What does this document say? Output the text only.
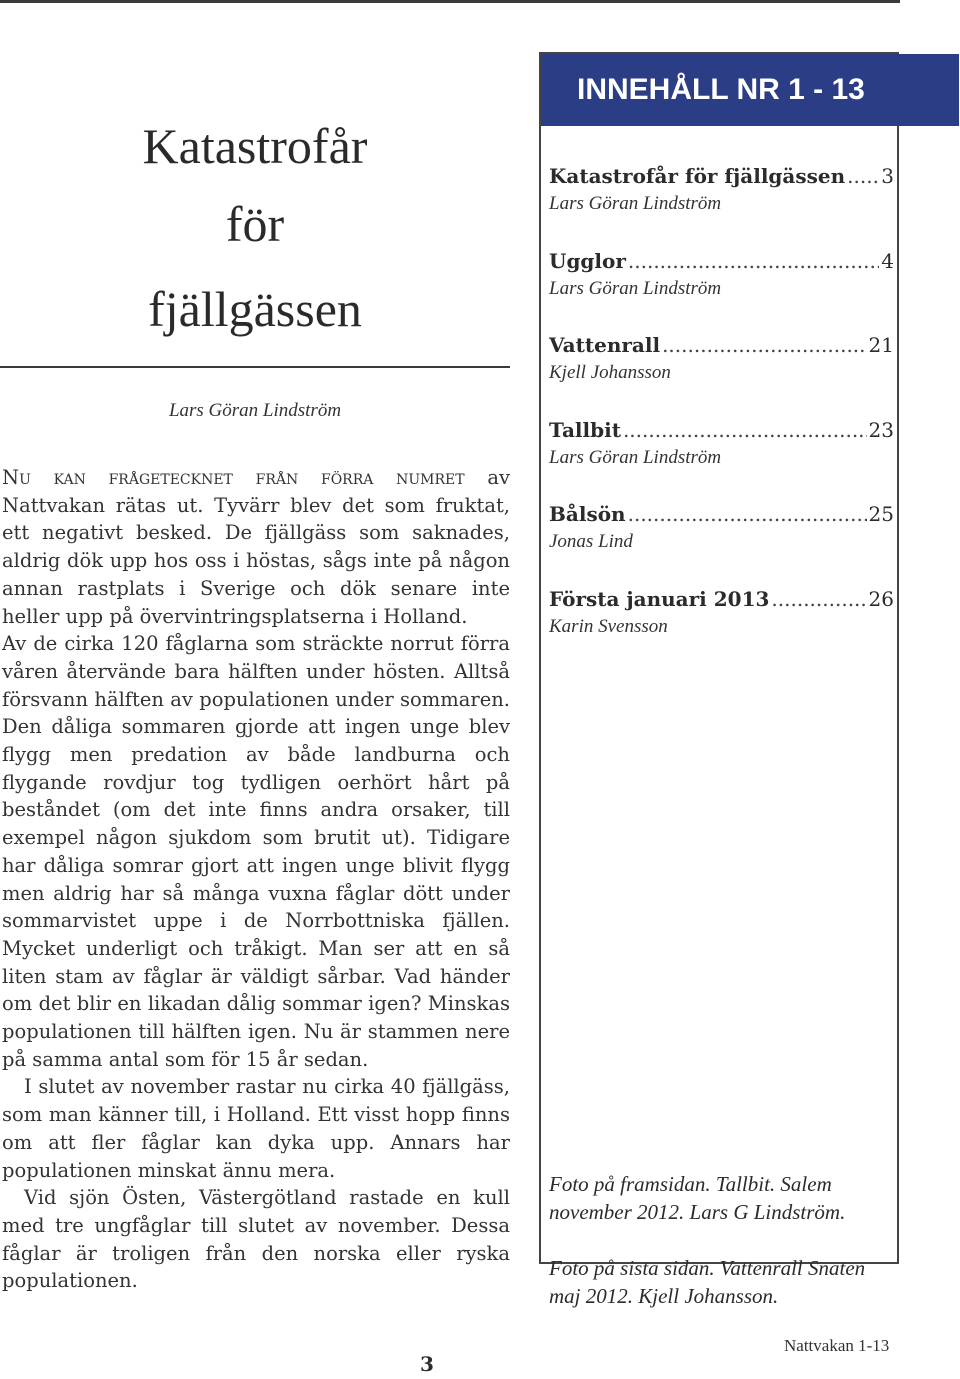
Katastrofår
för
fjällgässen
Lars Göran Lindström

Nu kan frågetecknet från förra numret av Nattvakan rätas ut. Tyvärr blev det som fruktat, ett negativt besked. De fjällgäss som saknades, aldrig dök upp hos oss i höstas, sågs inte på någon annan rastplats i Sverige och dök senare inte heller upp på övervintringsplatserna i Holland.

Av de cirka 120 fåglarna som sträckte norrut förra våren återvände bara hälften under hösten. Alltså försvann hälften av populationen under sommaren. Den dåliga sommaren gjorde att ingen unge blev flygg men predation av både landburna och flygande rovdjur tog tydligen oerhört hårt på beståndet (om det inte finns andra orsaker, till exempel någon sjukdom som brutit ut). Tidigare har dåliga somrar gjort att ingen unge blivit flygg men aldrig har så många vuxna fåglar dött under sommarvistet uppe i de Norrbottniska fjällen. Mycket underligt och tråkigt. Man ser att en så liten stam av fåglar är väldigt sårbar. Vad händer om det blir en likadan dålig sommar igen? Minskas populationen till hälften igen. Nu är stammen nere på samma antal som för 15 år sedan.

I slutet av november rastar nu cirka 40 fjällgäss, som man känner till, i Holland. Ett visst hopp finns om att fler fåglar kan dyka upp. Annars har populationen minskat ännu mera.

Vid sjön Östen, Västergötland rastade en kull med tre ungfåglar till slutet av november. Dessa fåglar är troligen från den norska eller ryska populationen.

INNEHÅLL NR 1 - 13
Katastrofår för fjällgässen ..... 3
Lars Göran Lindström
Ugglor .....	4
Lars Göran Lindström
Vattenrall .....	21
Kjell Johansson
Tallbit .....	23
Lars Göran Lindström
Bålsön .....	25
Jonas Lind
Första januari 2013 .....	26
Karin Svensson

Foto på framsidan. Tallbit. Salem november 2012. Lars G Lindström.

Foto på sista sidan. Vattenrall Snaten maj 2012. Kjell Johansson.

3
Nattvakan 1-13
